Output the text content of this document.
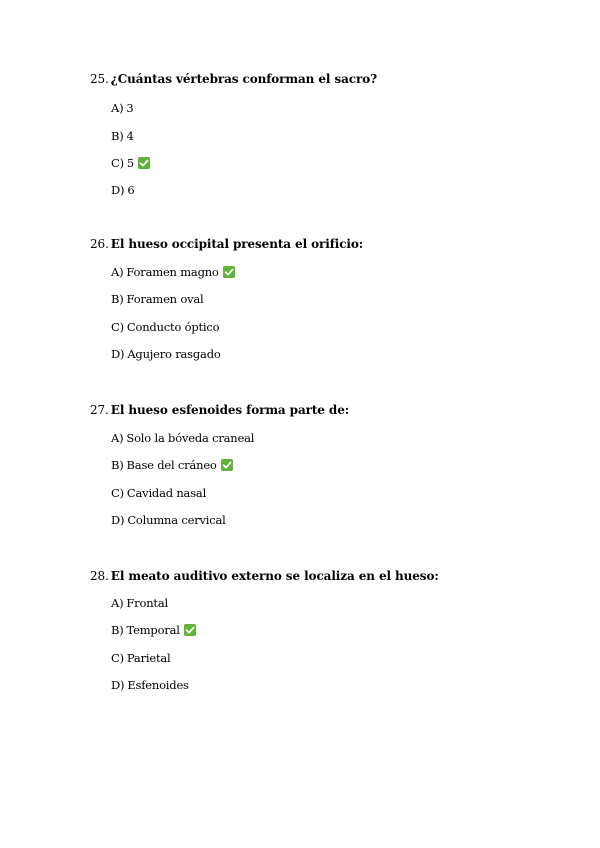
25. ¿Cuántas vértebras conforman el sacro?
A) 3
B) 4
C) 5
D) 6
26. El hueso occipital presenta el orificio:
A) Foramen magno
B) Foramen oval
C) Conducto óptico
D) Agujero rasgado
27. El hueso esfenoides forma parte de:
A) Solo la bóveda craneal
B) Base del cráneo
C) Cavidad nasal
D) Columna cervical
28. El meato auditivo externo se localiza en el hueso:
A) Frontal
B) Temporal
C) Parietal
D) Esfenoides
